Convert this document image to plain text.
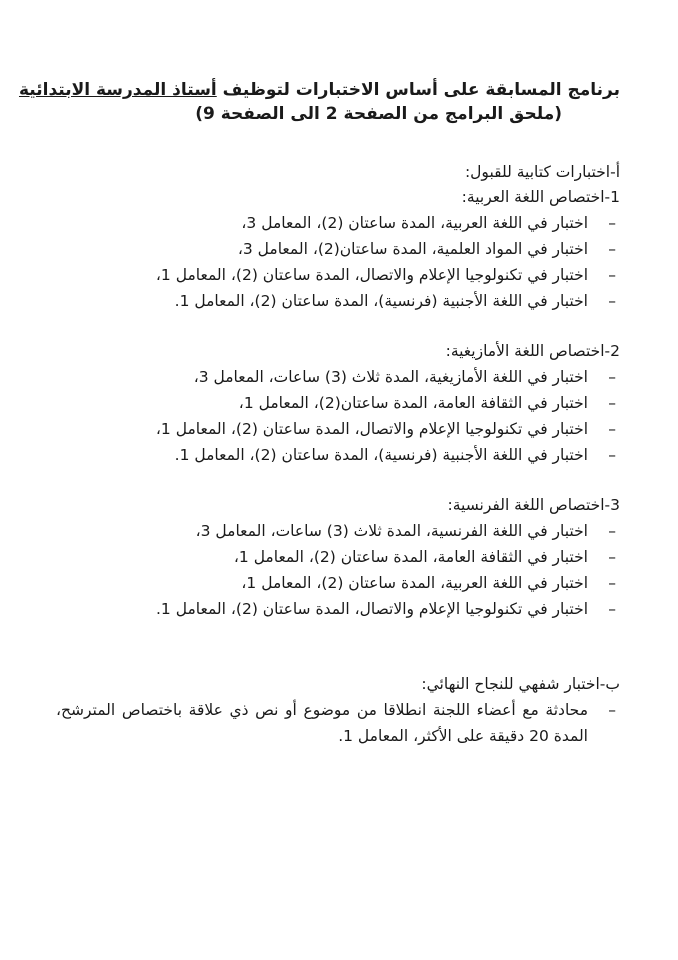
برنامج المسابقة على أساس الاختبارات لتوظيف أستاذ المدرسة الابتدائية
(ملحق البرامج من الصفحة 2 الى الصفحة 9)
أ-اختبارات كتابية للقبول:
1-اختصاص اللغة العربية:
–
اختبار في اللغة العربية، المدة ساعتان (2)، المعامل 3،
–
اختبار في المواد العلمية، المدة ساعتان(2)، المعامل 3،
–
اختبار في تكنولوجيا الإعلام والاتصال، المدة ساعتان (2)، المعامل 1،
–
اختبار في اللغة الأجنبية (فرنسية)، المدة ساعتان (2)، المعامل 1.
2-اختصاص اللغة الأمازيغية:
–
اختبار في اللغة الأمازيغية، المدة ثلاث (3) ساعات، المعامل 3،
–
اختبار في الثقافة العامة، المدة ساعتان(2)، المعامل 1،
–
اختبار في تكنولوجيا الإعلام والاتصال، المدة ساعتان (2)، المعامل 1،
–
اختبار في اللغة الأجنبية (فرنسية)، المدة ساعتان (2)، المعامل 1.
3-اختصاص اللغة الفرنسية:
–
اختبار في اللغة الفرنسية، المدة ثلاث (3) ساعات، المعامل 3،
–
اختبار في الثقافة العامة، المدة ساعتان (2)، المعامل 1،
–
اختبار في اللغة العربية، المدة ساعتان (2)، المعامل 1،
–
اختبار في تكنولوجيا الإعلام والاتصال، المدة ساعتان (2)، المعامل 1.
ب-اختبار شفهي للنجاح النهائي:
–
محادثة مع أعضاء اللجنة انطلاقا من موضوع أو نص ذي علاقة باختصاص المترشح، المدة 20 دقيقة على الأكثر، المعامل 1.
